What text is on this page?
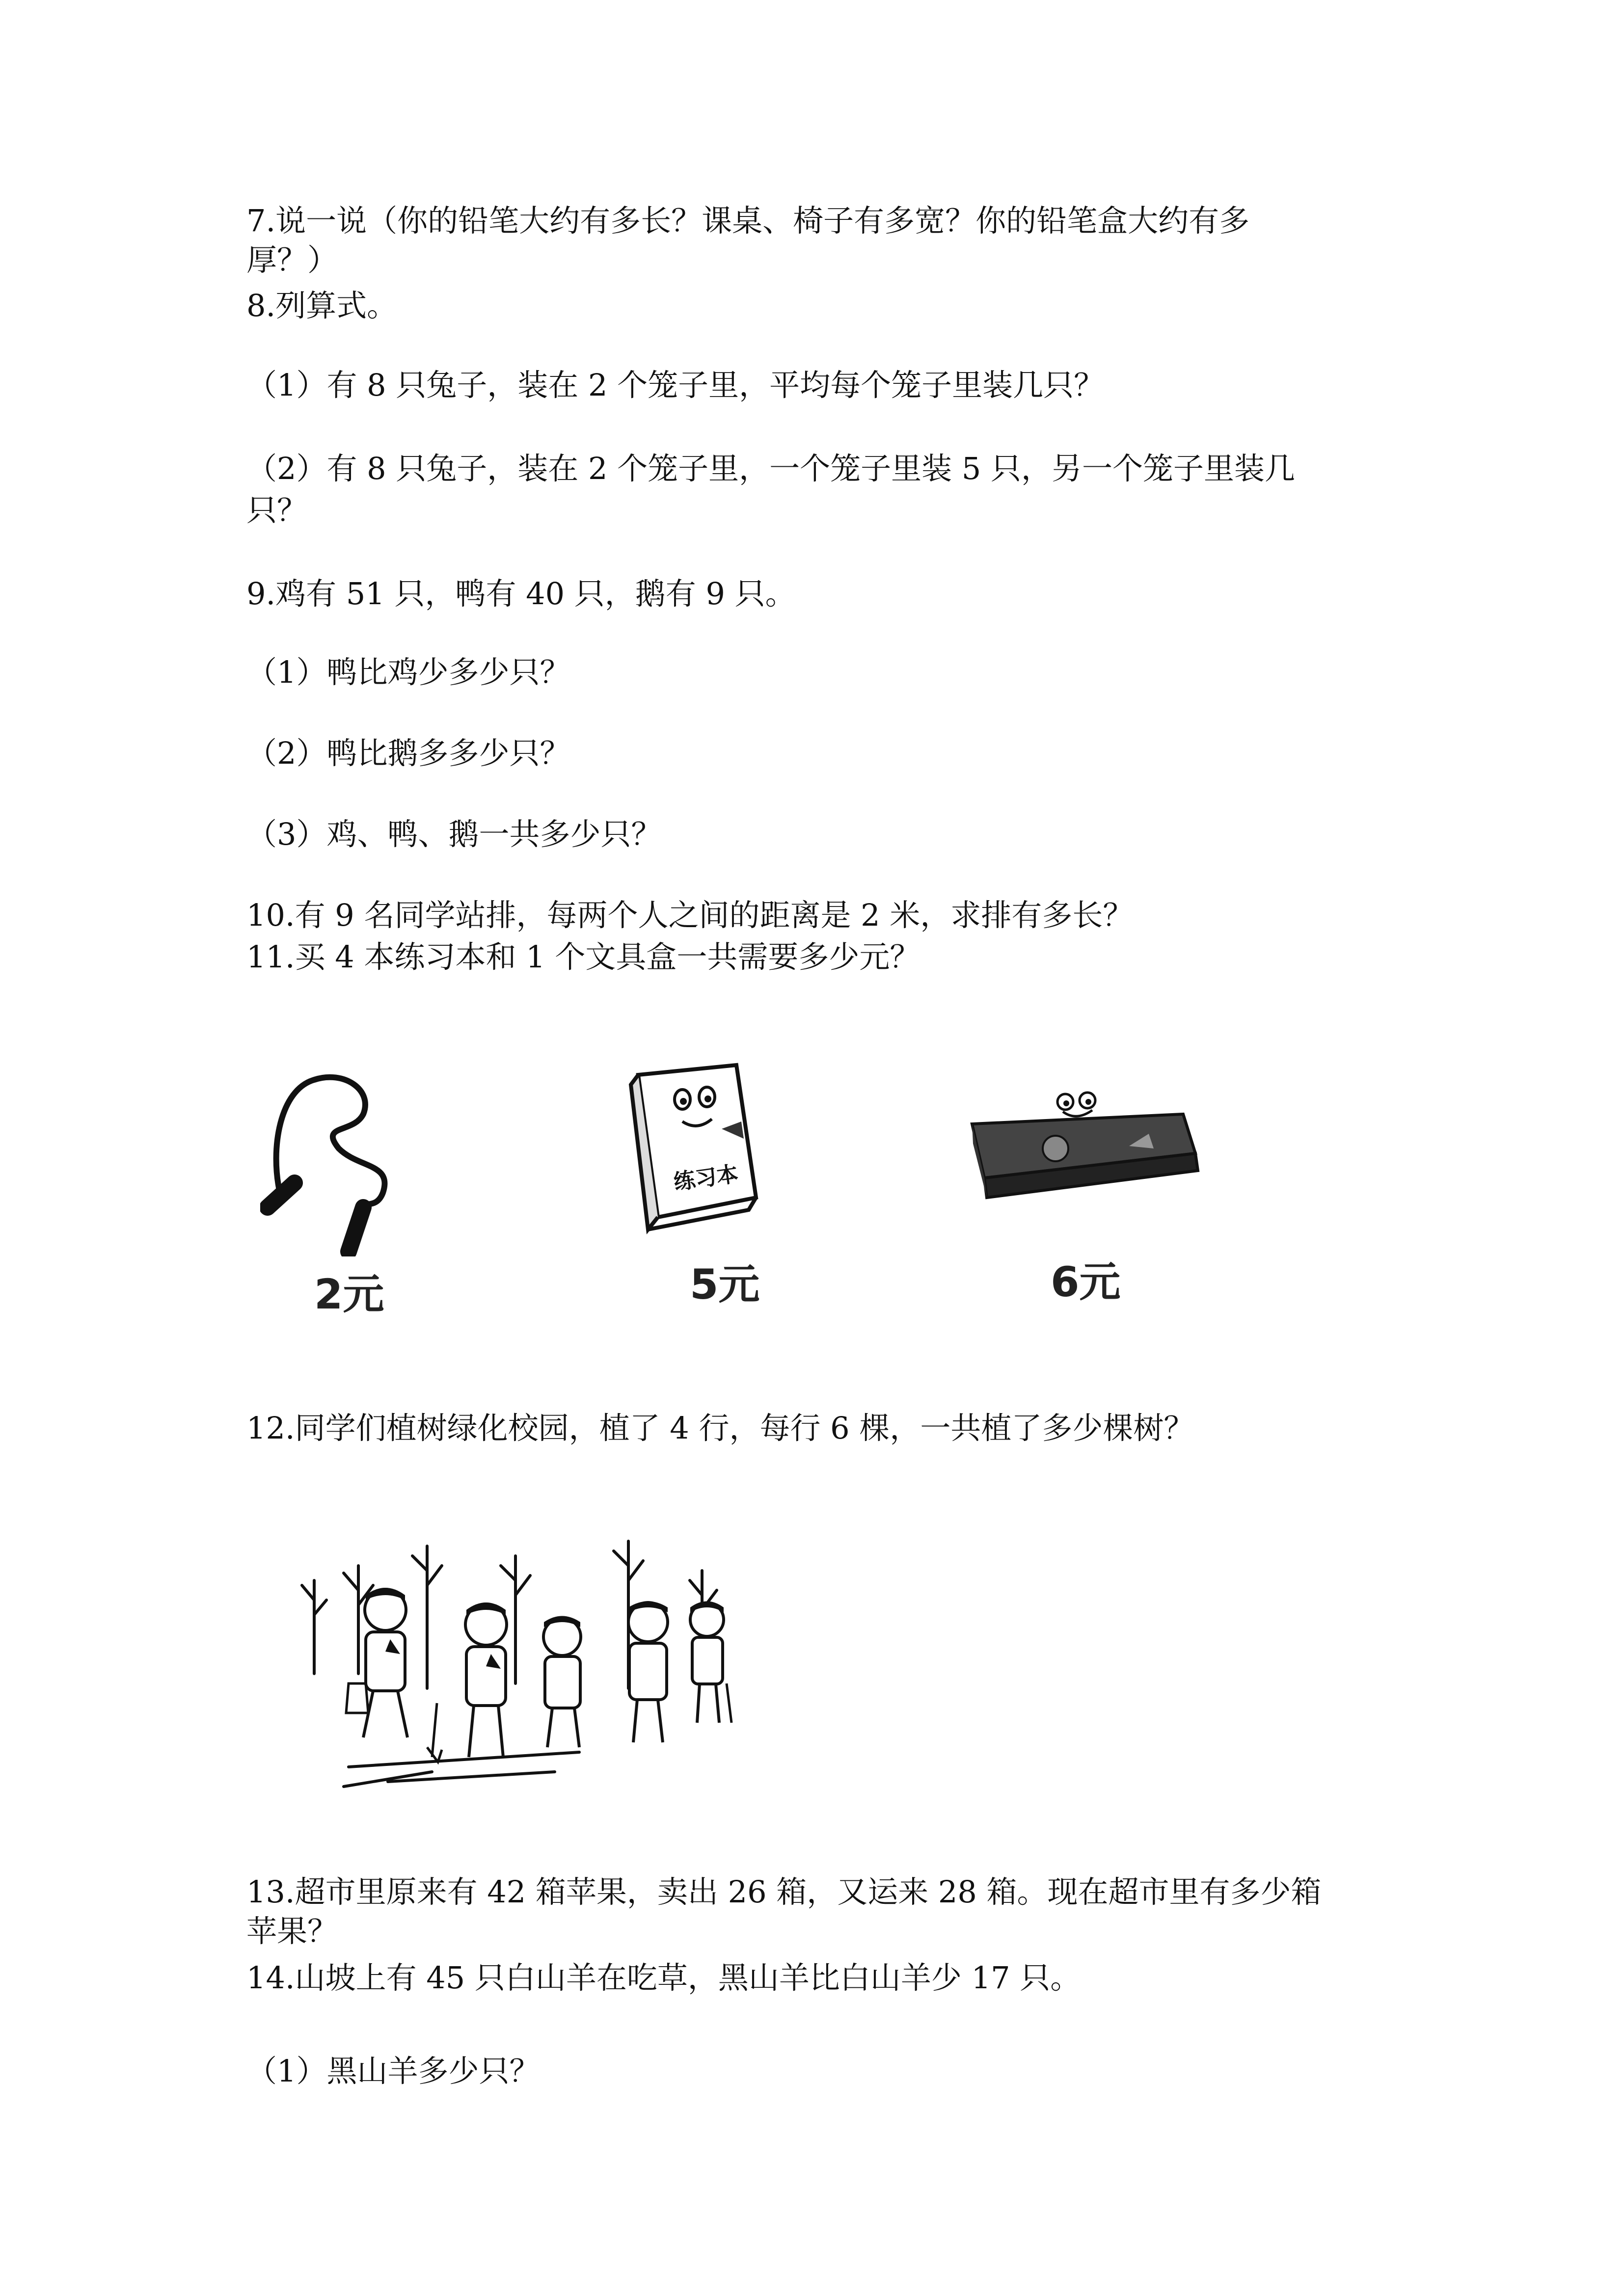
7.说一说（你的铅笔大约有多长？课桌、椅子有多宽？你的铅笔盒大约有多
厚？）
8.列算式。
（1）有 8 只兔子，装在 2 个笼子里，平均每个笼子里装几只？
（2）有 8 只兔子，装在 2 个笼子里，一个笼子里装 5 只，另一个笼子里装几
只？
9.鸡有 51 只，鸭有 40 只，鹅有 9 只。
（1）鸭比鸡少多少只？
（2）鸭比鹅多多少只？
（3）鸡、鸭、鹅一共多少只？
10.有 9 名同学站排，每两个人之间的距离是 2 米，求排有多长？
11.买 4 本练习本和 1 个文具盒一共需要多少元？
2元
练习本
5元	6元
12.同学们植树绿化校园，植了 4 行，每行 6 棵，一共植了多少棵树？
13.超市里原来有 42 箱苹果，卖出 26 箱，又运来 28 箱。现在超市里有多少箱
苹果？
14.山坡上有 45 只白山羊在吃草，黑山羊比白山羊少 17 只。
（1）黑山羊多少只？
